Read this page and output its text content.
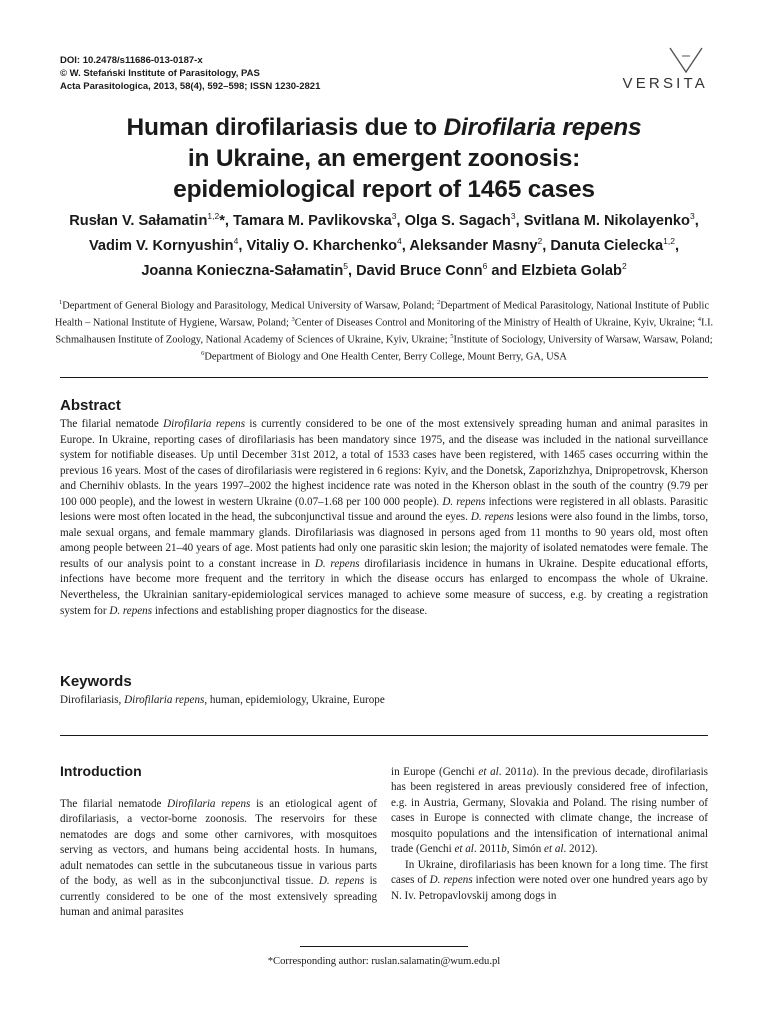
DOI: 10.2478/s11686-013-0187-x
© W. Stefański Institute of Parasitology, PAS
Acta Parasitologica, 2013, 58(4), 592–598; ISSN 1230-2821	VERSITA
Human dirofilariasis due to Dirofilaria repens
in Ukraine, an emergent zoonosis:
epidemiological report of 1465 cases
Rusłan V. Sałamatin$^{1,2}$*, Tamara M. Pavlikovska$^3$, Olga S. Sagach$^3$, Svitlana M. Nikolayenko$^3$,
Vadim V. Kornyushin$^4$, Vitaliy O. Kharchenko$^4$, Aleksander Masny$^2$, Danuta Cielecka$^{1,2}$,
Joanna Konieczna-Sałamatin$^5$, David Bruce Conn$^6$ and Elzbieta Golab$^2$
$^1$Department of General Biology and Parasitology, Medical University of Warsaw, Poland; $^2$Department of Medical Parasitology, National Institute of Public Health – National Institute of Hygiene, Warsaw, Poland; $^3$Center of Diseases Control and Monitoring of the Ministry of Health of Ukraine, Kyiv, Ukraine; $^4$I.I. Schmalhausen Institute of Zoology, National Academy of Sciences of Ukraine, Kyiv, Ukraine; $^5$Institute of Sociology, University of Warsaw, Warsaw, Poland; $^6$Department of Biology and One Health Center, Berry College, Mount Berry, GA, USA
Abstract
The filarial nematode Dirofilaria repens is currently considered to be one of the most extensively spreading human and animal parasites in Europe. In Ukraine, reporting cases of dirofilariasis has been mandatory since 1975, and the disease was included in the national surveillance system for notifiable diseases. Up until December 31st 2012, a total of 1533 cases have been registered, with 1465 cases occurring within the previous 16 years. Most of the cases of dirofilariasis were registered in 6 regions: Kyiv, and the Donetsk, Zaporizhzhya, Dnipropetrovsk, Kherson and Chernihiv oblasts. In the years 1997–2002 the highest incidence rate was noted in the Kherson oblast in the south of the country (9.79 per 100 000 people), and the lowest in western Ukraine (0.07–1.68 per 100 000 people). D. repens infections were registered in all oblasts. Parasitic lesions were most often located in the head, the subconjunctival tissue and around the eyes. D. repens lesions were also found in the limbs, torso, male sexual organs, and female mammary glands. Dirofilariasis was diagnosed in persons aged from 11 months to 90 years old, most often among people between 21–40 years of age. Most patients had only one parasitic skin lesion; the majority of isolated nematodes were female. The results of our analysis point to a constant increase in D. repens dirofilariasis incidence in humans in Ukraine. Despite educational efforts, infections have become more frequent and the territory in which the disease occurs has enlarged to encompass the whole of Ukraine. Nevertheless, the Ukrainian sanitary-epidemiological services managed to achieve some measure of success, e.g. by creating a registration system for D. repens infections and establishing proper diagnostics for the disease.
Keywords
Dirofilariasis, Dirofilaria repens, human, epidemiology, Ukraine, Europe
Introduction

The filarial nematode Dirofilaria repens is an etiological agent of dirofilariasis, a vector-borne zoonosis. The reservoirs for these nematodes are dogs and some other carnivores, with mosquitoes serving as vectors, and humans being accidental hosts. In humans, adult nematodes can settle in the subcutaneous tissue in various parts of the body, as well as in the subconjunctival tissue. D. repens is currently considered to be one of the most extensively spreading human and animal parasites

in Europe (Genchi et al. 2011a). In the previous decade, dirofilariasis has been registered in areas previously considered free of infection, e.g. in Austria, Germany, Slovakia and Poland. The rising number of cases in Europe is connected with climate change, the increase of mosquito populations and the intensification of international animal trade (Genchi et al. 2011b, Simón et al. 2012).

In Ukraine, dirofilariasis has been known for a long time. The first cases of D. repens infection were noted over one hundred years ago by N. Iv. Petropavlovskij among dogs in

*Corresponding author: ruslan.salamatin@wum.edu.pl
